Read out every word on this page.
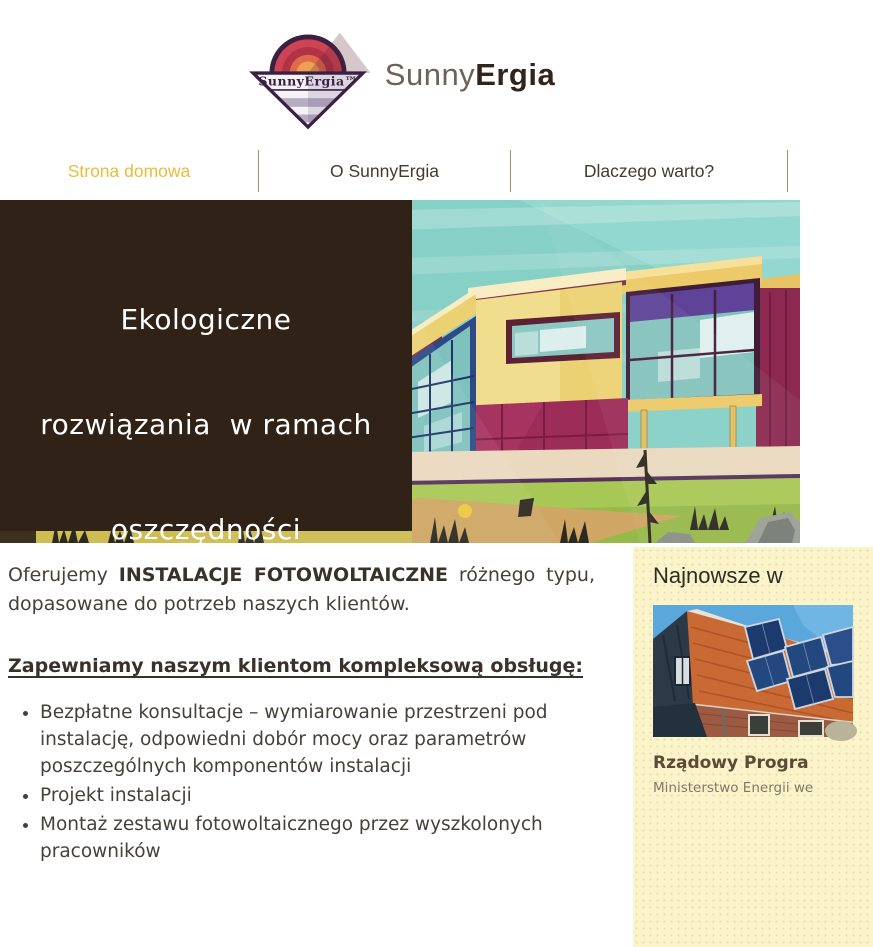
SunnyErgia™ SunnyErgia
Strona domowa	O SunnyErgia	Dlaczego warto?

Ekologiczne

rozwiązania  w ramach

oszczędności

Oferujemy INSTALACJE FOTOWOLTAICZNE różnego typu, dopasowane do potrzeb naszych klientów.

Zapewniamy naszym klientom kompleksową obsługę:
• Bezpłatne konsultacje – wymiarowanie przestrzeni pod instalację, odpowiedni dobór mocy oraz parametrów poszczególnych komponentów instalacji
• Projekt instalacji
• Montaż zestawu fotowoltaicznego przez wyszkolonych pracowników
Najnowsze w
Rządowy Progra
Ministerstwo Energii we
